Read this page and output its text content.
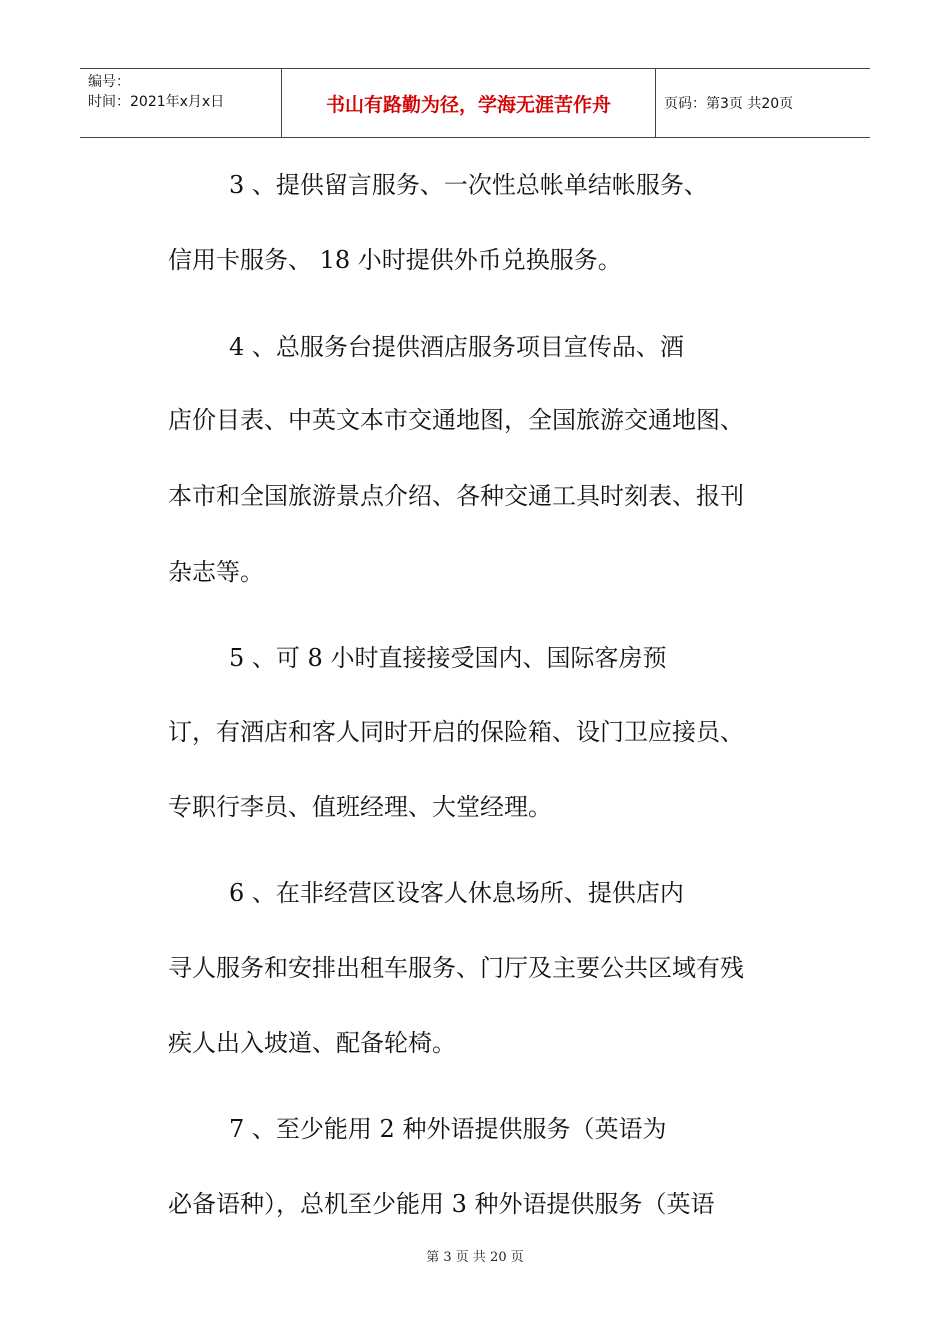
编号：
时间：2021年x月x日	书山有路勤为径，学海无涯苦作舟	页码：第3页 共20页
3 、提供留言服务、一次性总帐单结帐服务、
信用卡服务、 18 小时提供外币兑换服务。
4 、总服务台提供酒店服务项目宣传品、酒
店价目表、中英文本市交通地图，全国旅游交通地图、
本市和全国旅游景点介绍、各种交通工具时刻表、报刊
杂志等。
5 、可 8 小时直接接受国内、国际客房预
订，有酒店和客人同时开启的保险箱、设门卫应接员、
专职行李员、值班经理、大堂经理。
6 、在非经营区设客人休息场所、提供店内
寻人服务和安排出租车服务、门厅及主要公共区域有残
疾人出入坡道、配备轮椅。
7 、至少能用 2 种外语提供服务（英语为
必备语种），总机至少能用 3 种外语提供服务（英语
第 3 页 共 20 页
